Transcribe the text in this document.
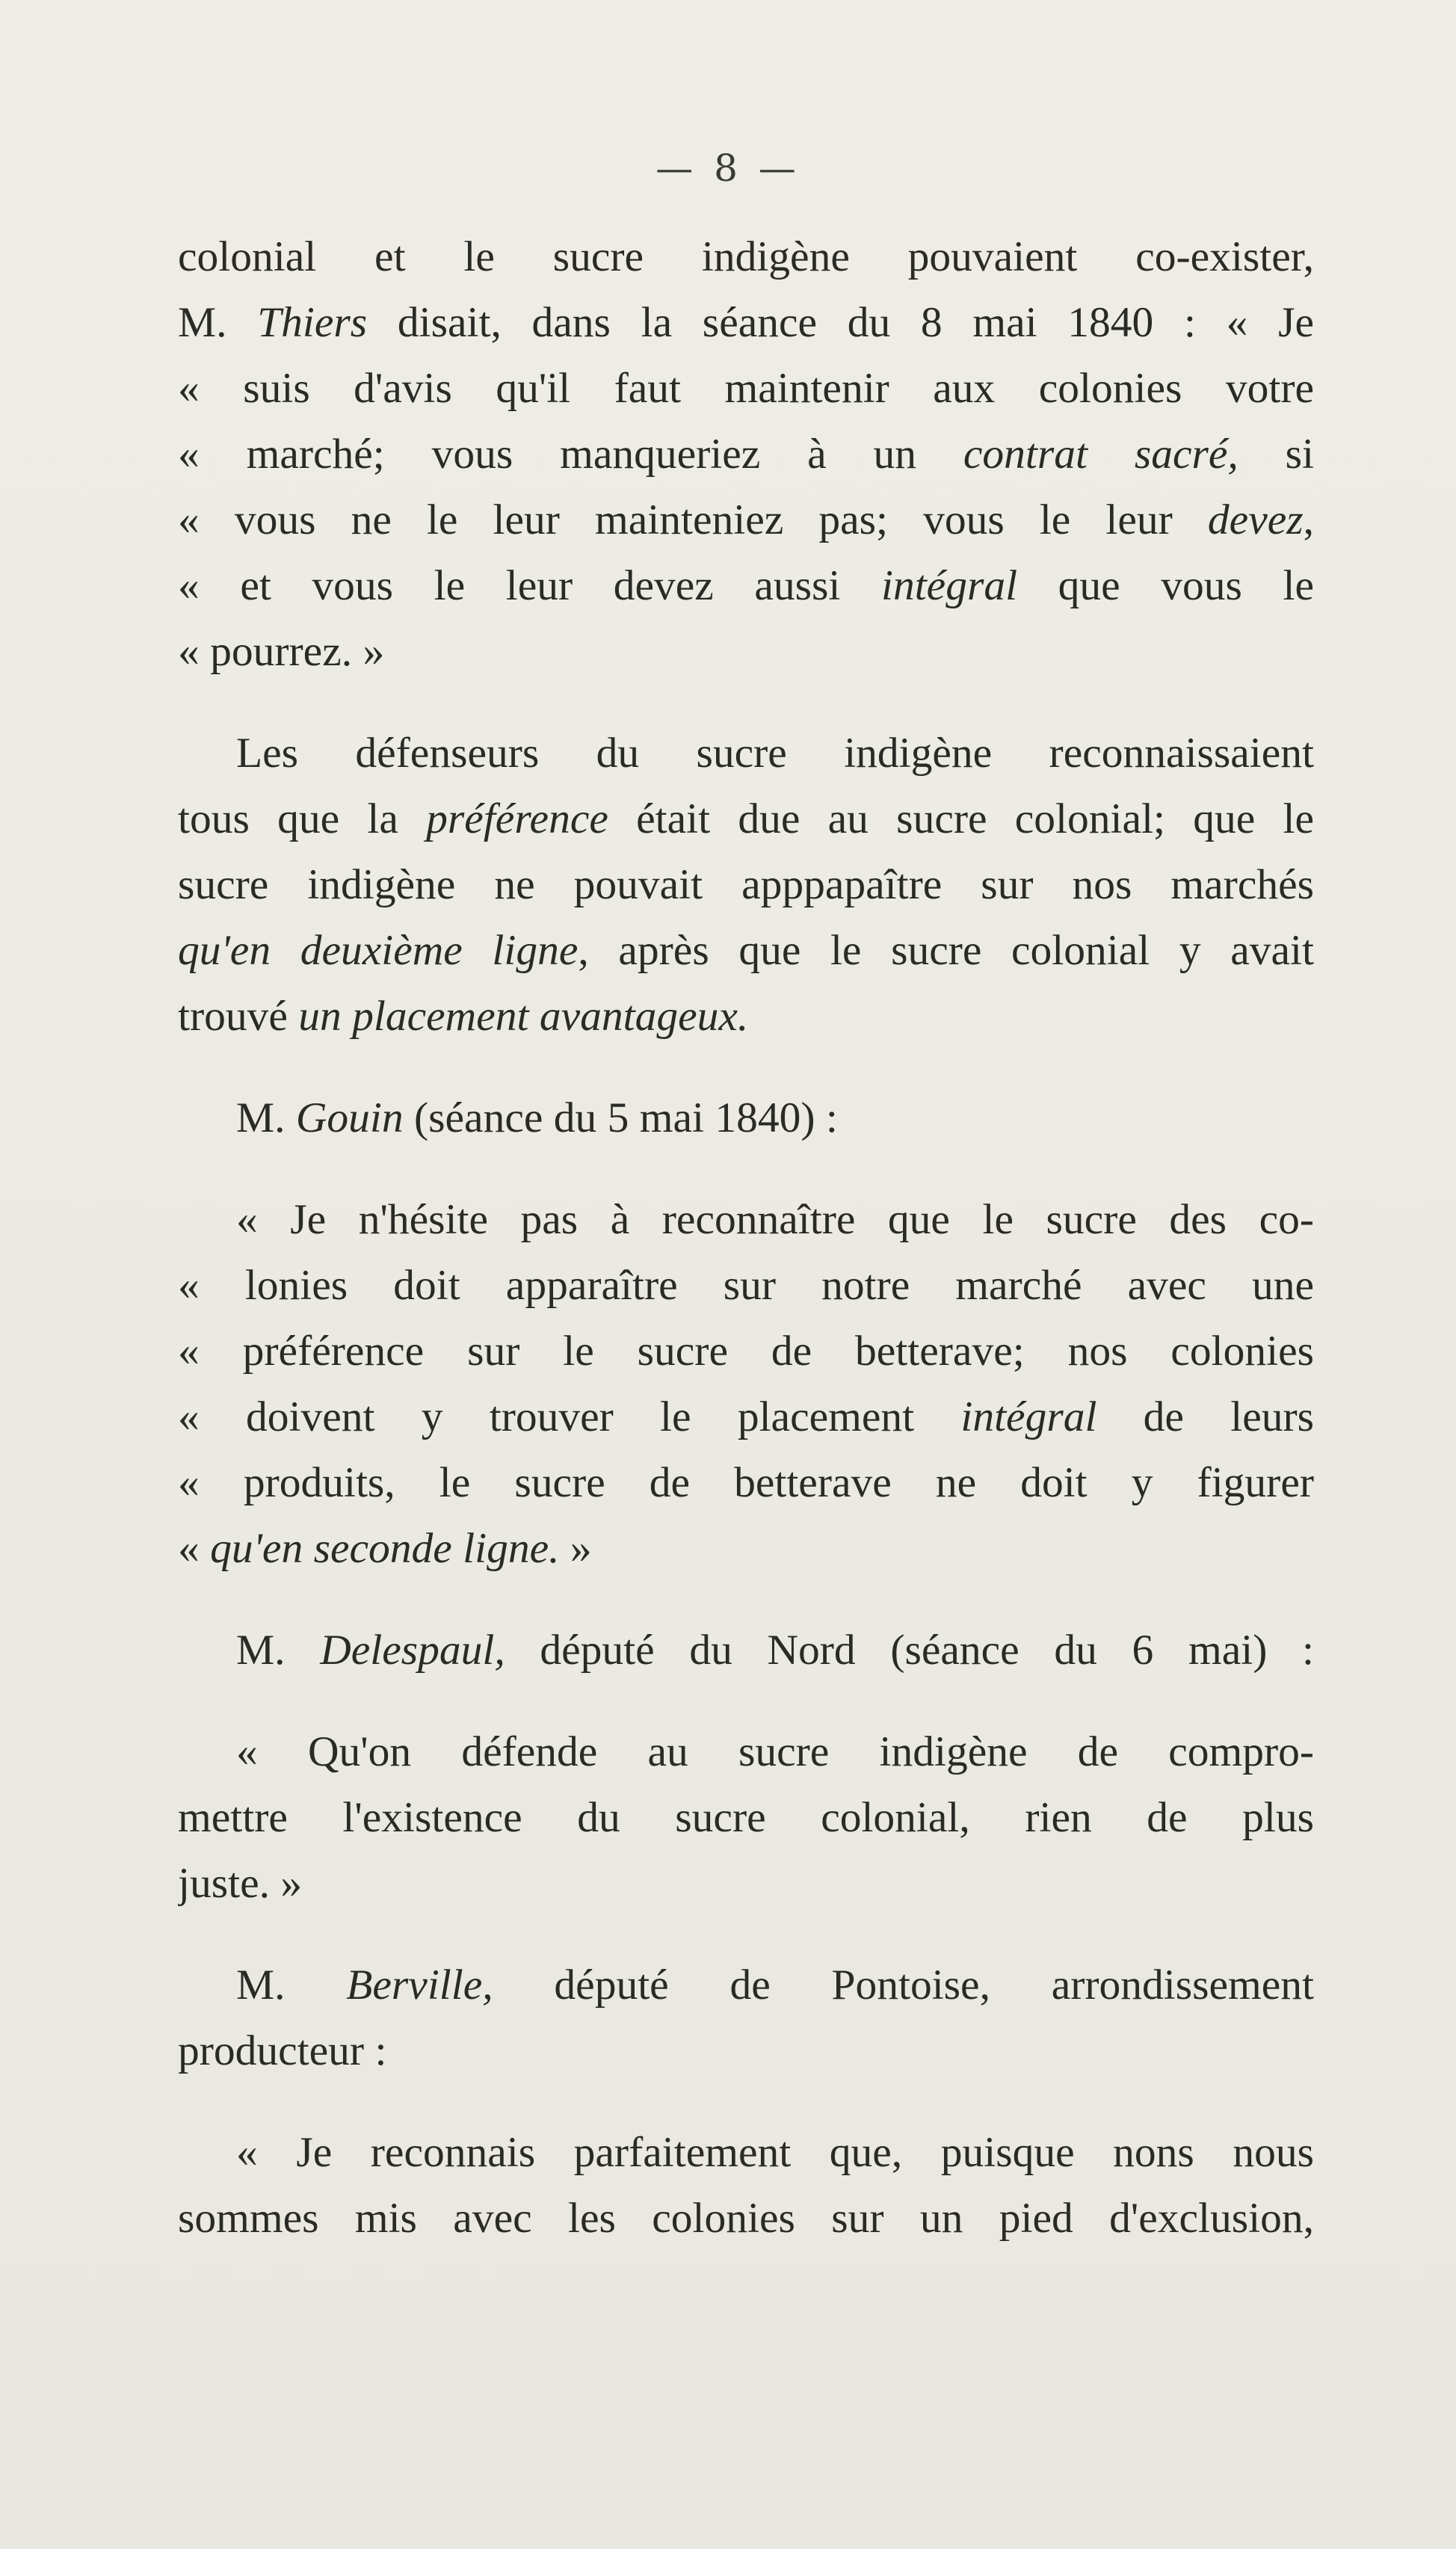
— 8 —

colonial et le sucre indigène pouvaient co-exister,
M. Thiers disait, dans la séance du 8 mai 1840 : « Je
« suis d'avis qu'il faut maintenir aux colonies votre
« marché; vous manqueriez à un contrat sacré, si
« vous ne le leur mainteniez pas; vous le leur devez,
« et vous le leur devez aussi intégral que vous le
« pourrez. »

Les défenseurs du sucre indigène reconnaissaient
tous que la préférence était due au sucre colonial; que le
sucre indigène ne pouvait apppараître sur nos marchés
qu'en deuxième ligne, après que le sucre colonial y avait
trouvé un placement avantageux.

M. Gouin (séance du 5 mai 1840) :

« Je n'hésite pas à reconnaître que le sucre des co-
« lonies doit apparaître sur notre marché avec une
« préférence sur le sucre de betterave; nos colonies
« doivent y trouver le placement intégral de leurs
« produits, le sucre de betterave ne doit y figurer
« qu'en seconde ligne. »

M. Delespaul, député du Nord (séance du 6 mai) :

« Qu'on défende au sucre indigène de compro-
mettre l'existence du sucre colonial, rien de plus
juste. »

M. Berville, député de Pontoise, arrondissement
producteur :

« Je reconnais parfaitement que, puisque nons nous
sommes mis avec les colonies sur un pied d'exclusion,
